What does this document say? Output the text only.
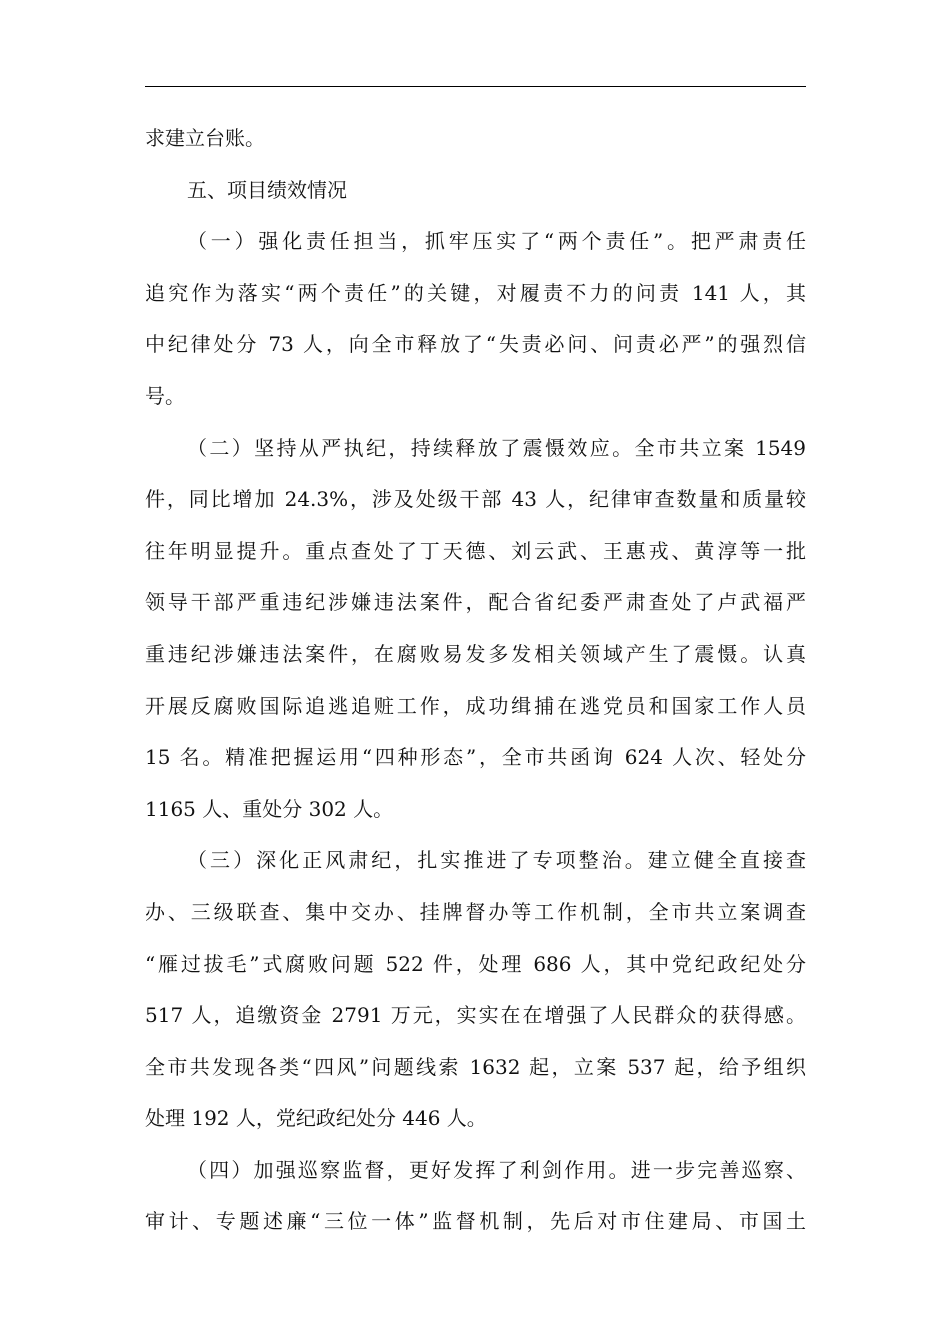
求建立台账。
五、项目绩效情况
（一）强化责任担当，抓牢压实了“两个责任”。把严肃责任
追究作为落实“两个责任”的关键，对履责不力的问责 141 人，其
中纪律处分 73 人，向全市释放了“失责必问、问责必严”的强烈信
号。
（二）坚持从严执纪，持续释放了震慑效应。全市共立案 1549
件，同比增加 24.3%，涉及处级干部 43 人，纪律审查数量和质量较
往年明显提升。重点查处了丁天德、刘云武、王惠戎、黄淳等一批
领导干部严重违纪涉嫌违法案件，配合省纪委严肃查处了卢武福严
重违纪涉嫌违法案件，在腐败易发多发相关领域产生了震慑。认真
开展反腐败国际追逃追赃工作，成功缉捕在逃党员和国家工作人员
15 名。精准把握运用“四种形态”，全市共函询 624 人次、轻处分
1165 人、重处分 302 人。
（三）深化正风肃纪，扎实推进了专项整治。建立健全直接查
办、三级联查、集中交办、挂牌督办等工作机制，全市共立案调查
“雁过拔毛”式腐败问题 522 件，处理 686 人，其中党纪政纪处分
517 人，追缴资金 2791 万元，实实在在增强了人民群众的获得感。
全市共发现各类“四风”问题线索 1632 起，立案 537 起，给予组织
处理 192 人，党纪政纪处分 446 人。
（四）加强巡察监督，更好发挥了利剑作用。进一步完善巡察、
审计、专题述廉“三位一体”监督机制，先后对市住建局、市国土
